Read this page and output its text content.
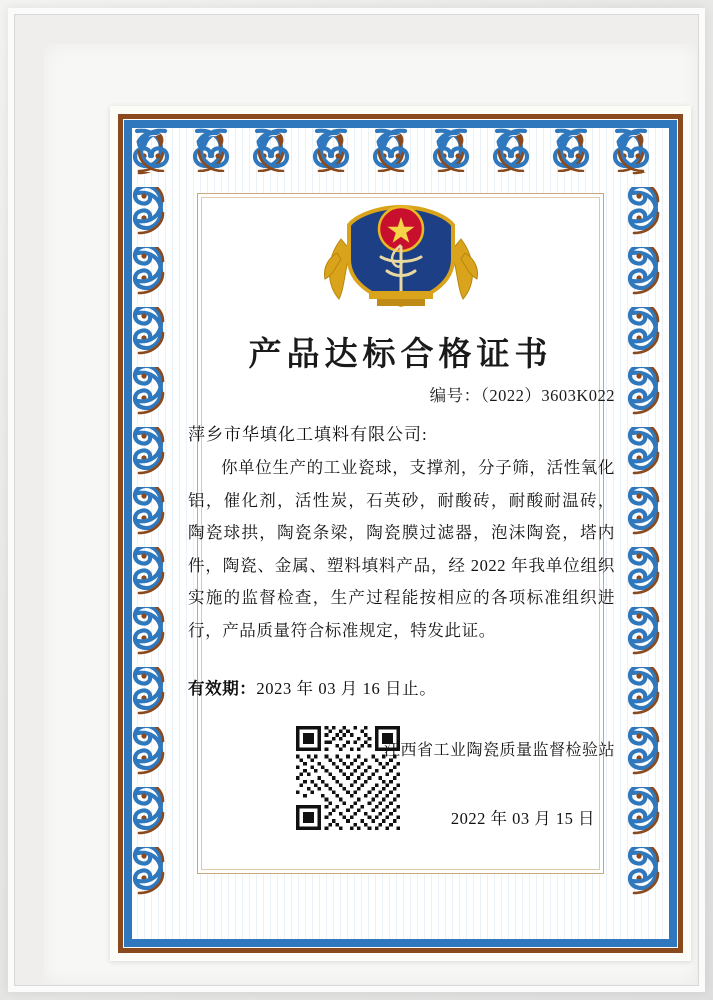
产品达标合格证书
编号：（2022）3603K022
萍乡市华填化工填料有限公司:
你单位生产的工业瓷球，支撑剂，分子筛，活性氧化铝，催化剂，活性炭，石英砂，耐酸砖，耐酸耐温砖，陶瓷球拱，陶瓷条梁，陶瓷膜过滤器，泡沫陶瓷，塔内件，陶瓷、金属、塑料填料产品，经 2022 年我单位组织实施的监督检查，生产过程能按相应的各项标准组织进行，产品质量符合标准规定，特发此证。
有效期：2023 年 03 月 16 日止。
江西省工业陶瓷质量监督检验站
2022 年 03 月 15 日
